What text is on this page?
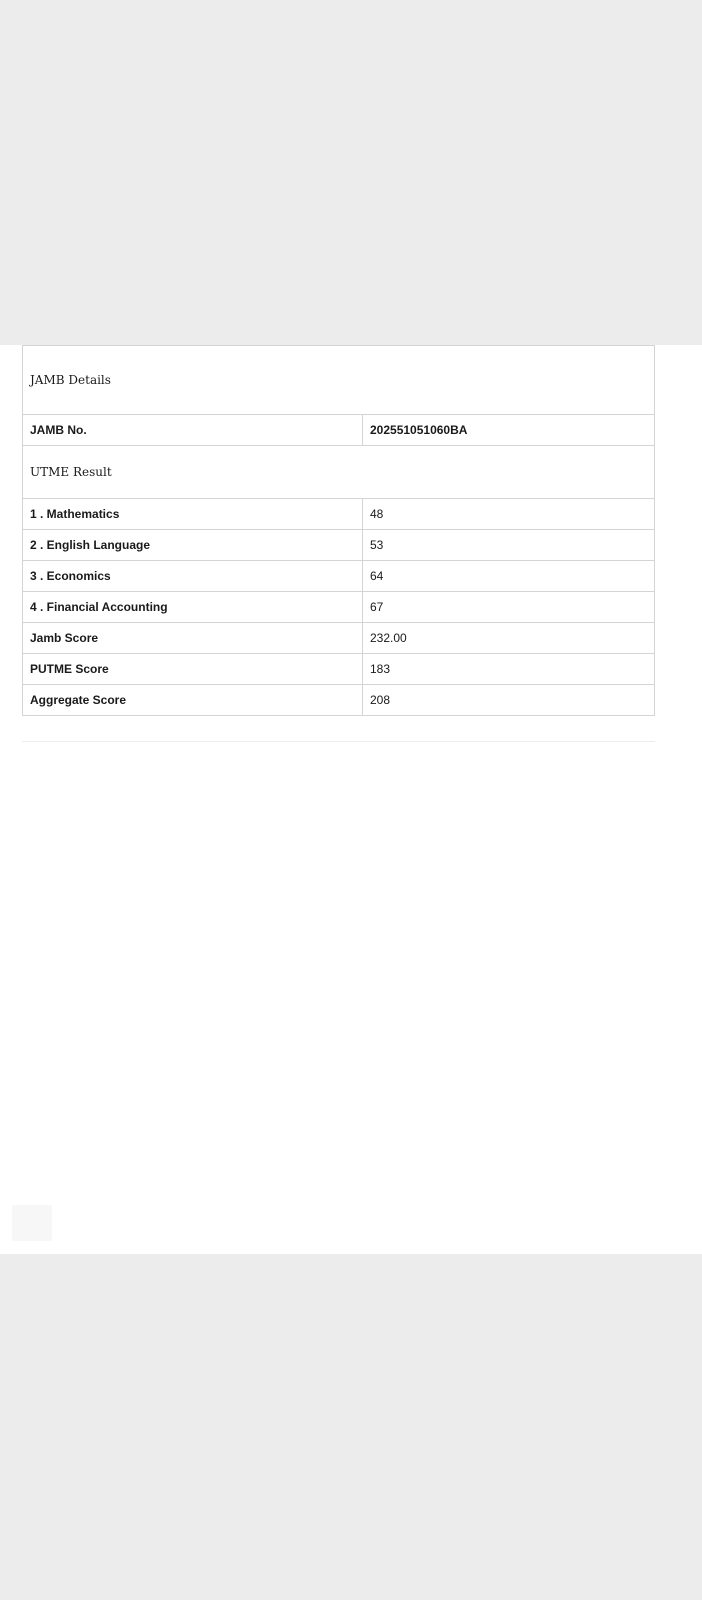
JAMB Details	
JAMB No.	202551051060BA
UTME Result	
1 . Mathematics	48
2 . English Language	53
3 . Economics	64
4 . Financial Accounting	67
Jamb Score	232.00
PUTME Score	183
Aggregate Score	208
